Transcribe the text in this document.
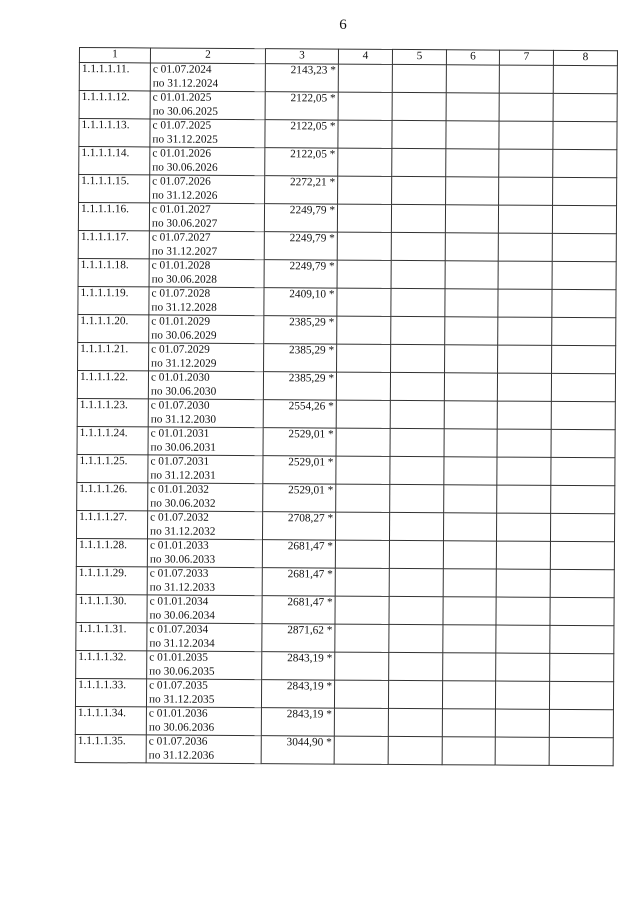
6
1	2	3	4	5	6	7	8
1.1.1.1.11.	с 01.07.2024
по 31.12.2024	2143,23 *					
1.1.1.1.12.	с 01.01.2025
по 30.06.2025	2122,05 *					
1.1.1.1.13.	с 01.07.2025
по 31.12.2025	2122,05 *					
1.1.1.1.14.	с 01.01.2026
по 30.06.2026	2122,05 *					
1.1.1.1.15.	с 01.07.2026
по 31.12.2026	2272,21 *					
1.1.1.1.16.	с 01.01.2027
по 30.06.2027	2249,79 *					
1.1.1.1.17.	с 01.07.2027
по 31.12.2027	2249,79 *					
1.1.1.1.18.	с 01.01.2028
по 30.06.2028	2249,79 *					
1.1.1.1.19.	с 01.07.2028
по 31.12.2028	2409,10 *					
1.1.1.1.20.	с 01.01.2029
по 30.06.2029	2385,29 *					
1.1.1.1.21.	с 01.07.2029
по 31.12.2029	2385,29 *					
1.1.1.1.22.	с 01.01.2030
по 30.06.2030	2385,29 *					
1.1.1.1.23.	с 01.07.2030
по 31.12.2030	2554,26 *					
1.1.1.1.24.	с 01.01.2031
по 30.06.2031	2529,01 *					
1.1.1.1.25.	с 01.07.2031
по 31.12.2031	2529,01 *					
1.1.1.1.26.	с 01.01.2032
по 30.06.2032	2529,01 *					
1.1.1.1.27.	с 01.07.2032
по 31.12.2032	2708,27 *					
1.1.1.1.28.	с 01.01.2033
по 30.06.2033	2681,47 *					
1.1.1.1.29.	с 01.07.2033
по 31.12.2033	2681,47 *					
1.1.1.1.30.	с 01.01.2034
по 30.06.2034	2681,47 *					
1.1.1.1.31.	с 01.07.2034
по 31.12.2034	2871,62 *					
1.1.1.1.32.	с 01.01.2035
по 30.06.2035	2843,19 *					
1.1.1.1.33.	с 01.07.2035
по 31.12.2035	2843,19 *					
1.1.1.1.34.	с 01.01.2036
по 30.06.2036	2843,19 *					
1.1.1.1.35.	с 01.07.2036
по 31.12.2036	3044,90 *					
